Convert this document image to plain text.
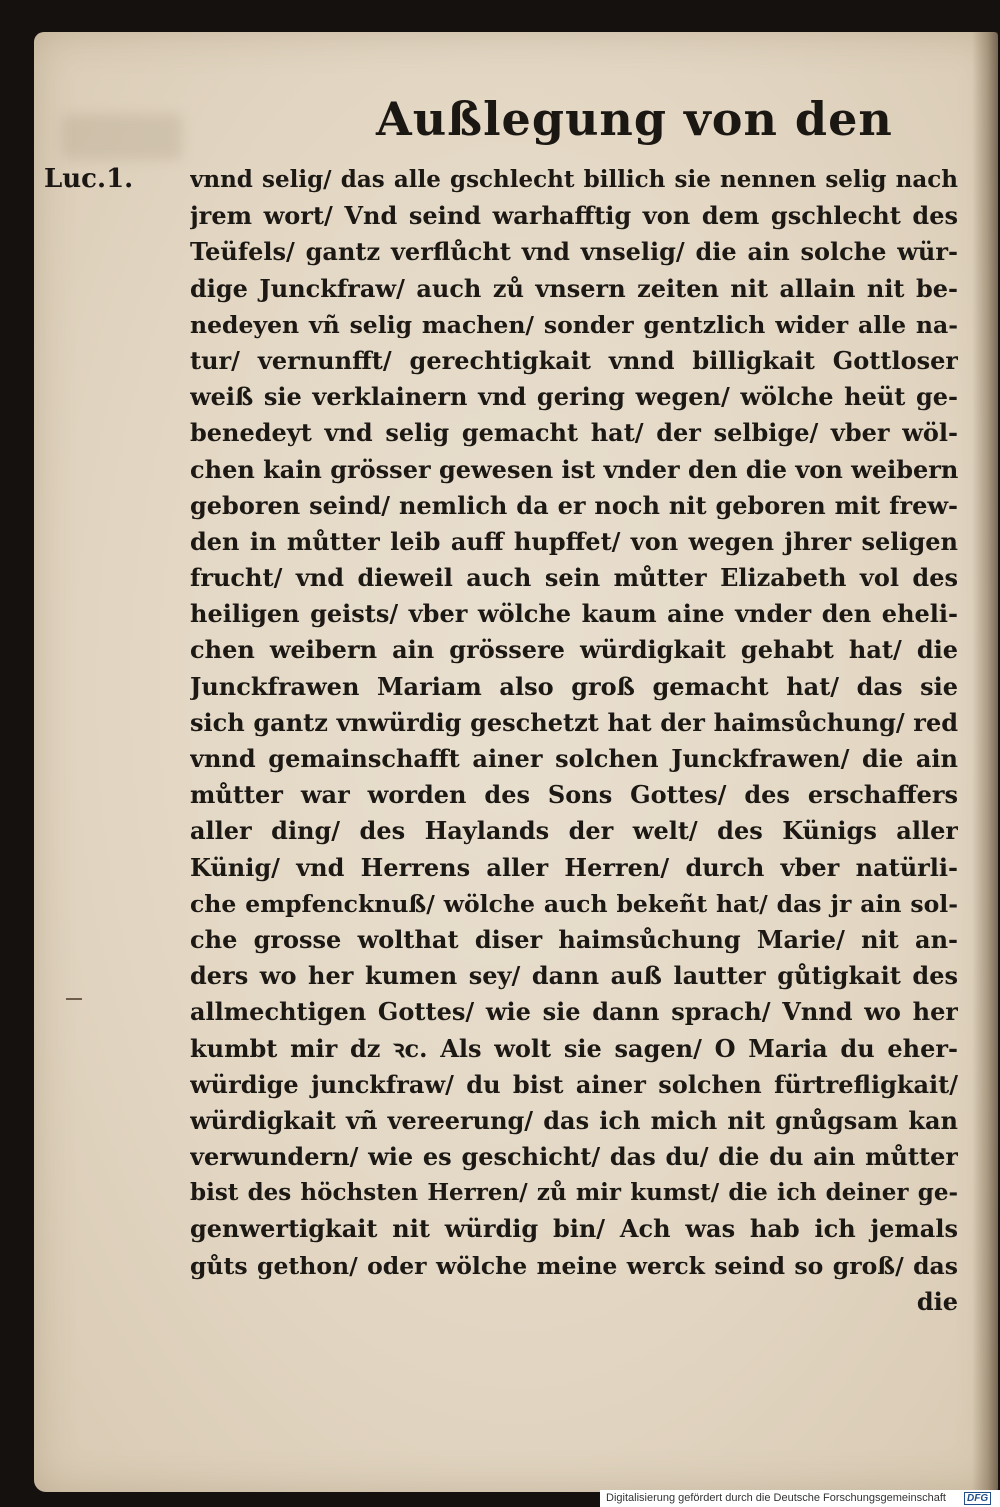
Außlegung von den
Luc.1. vnnd selig/ das alle gschlecht billich sie nennen selig nach
jrem wort/ Vnd seind warhafftig von dem gschlecht des
Teüfels/ gantz verflůcht vnd vnselig/ die ain solche wür-
dige Junckfraw/ auch zů vnsern zeiten nit allain nit be-
nedeyen vñ selig machen/ sonder gentzlich wider alle na-
tur/ vernunfft/ gerechtigkait vnnd billigkait Gottloser
weiß sie verklainern vnd gering wegen/ wölche heüt ge-
benedeyt vnd selig gemacht hat/ der selbige/ vber wöl-
chen kain grösser gewesen ist vnder den die von weibern
geboren seind/ nemlich da er noch nit geboren mit frew-
den in můtter leib auff hupffet/ von wegen jhrer seligen
frucht/ vnd dieweil auch sein můtter Elizabeth vol des
heiligen geists/ vber wölche kaum aine vnder den eheli-
chen weibern ain grössere würdigkait gehabt hat/ die
Junckfrawen Mariam also groß gemacht hat/ das sie
sich gantz vnwürdig geschetzt hat der haimsůchung/ red
vnnd gemainschafft ainer solchen Junckfrawen/ die ain
můtter war worden des Sons Gottes/ des erschaffers
aller ding/ des Haylands der welt/ des Künigs aller
Künig/ vnd Herrens aller Herren/ durch vber natürli-
che empfencknuß/ wölche auch bekeñt hat/ das jr ain sol-
che grosse wolthat diser haimsůchung Marie/ nit an-
ders wo her kumen sey/ dann auß lautter gůtigkait des
allmechtigen Gottes/ wie sie dann sprach/ Vnnd wo her
kumbt mir dz ꝛc. Als wolt sie sagen/ O Maria du eher-
würdige junckfraw/ du bist ainer solchen fürtrefligkait/
würdigkait vñ vereerung/ das ich mich nit gnůgsam kan
verwundern/ wie es geschicht/ das du/ die du ain můtter
bist des höchsten Herren/ zů mir kumst/ die ich deiner ge-
genwertigkait nit würdig bin/ Ach was hab ich jemals
gůts gethon/ oder wölche meine werck seind so groß/ das
die
Digitalisierung gefördert durch die Deutsche Forschungsgemeinschaft	DFG
